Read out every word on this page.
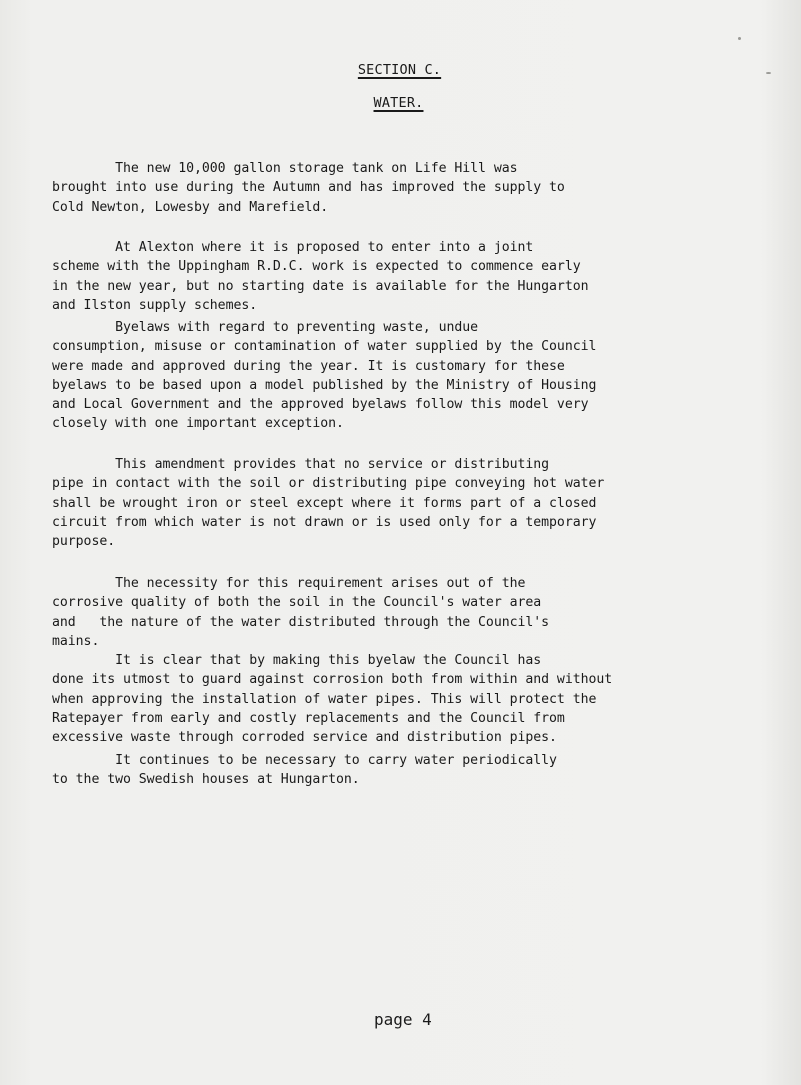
SECTION C.
WATER.
The new 10,000 gallon storage tank on Life Hill was
brought into use during the Autumn and has improved the supply to
Cold Newton, Lowesby and Marefield.
At Alexton where it is proposed to enter into a joint
scheme with the Uppingham R.D.C. work is expected to commence early
in the new year, but no starting date is available for the Hungarton
and Ilston supply schemes.
Byelaws with regard to preventing waste, undue
consumption, misuse or contamination of water supplied by the Council
were made and approved during the year. It is customary for these
byelaws to be based upon a model published by the Ministry of Housing
and Local Government and the approved byelaws follow this model very
closely with one important exception.
This amendment provides that no service or distributing
pipe in contact with the soil or distributing pipe conveying hot water
shall be wrought iron or steel except where it forms part of a closed
circuit from which water is not drawn or is used only for a temporary
purpose.
The necessity for this requirement arises out of the
corrosive quality of both the soil in the Council's water area
and   the nature of the water distributed through the Council's
mains.
It is clear that by making this byelaw the Council has
done its utmost to guard against corrosion both from within and without
when approving the installation of water pipes. This will protect the
Ratepayer from early and costly replacements and the Council from
excessive waste through corroded service and distribution pipes.
It continues to be necessary to carry water periodically
to the two Swedish houses at Hungarton.
page 4
